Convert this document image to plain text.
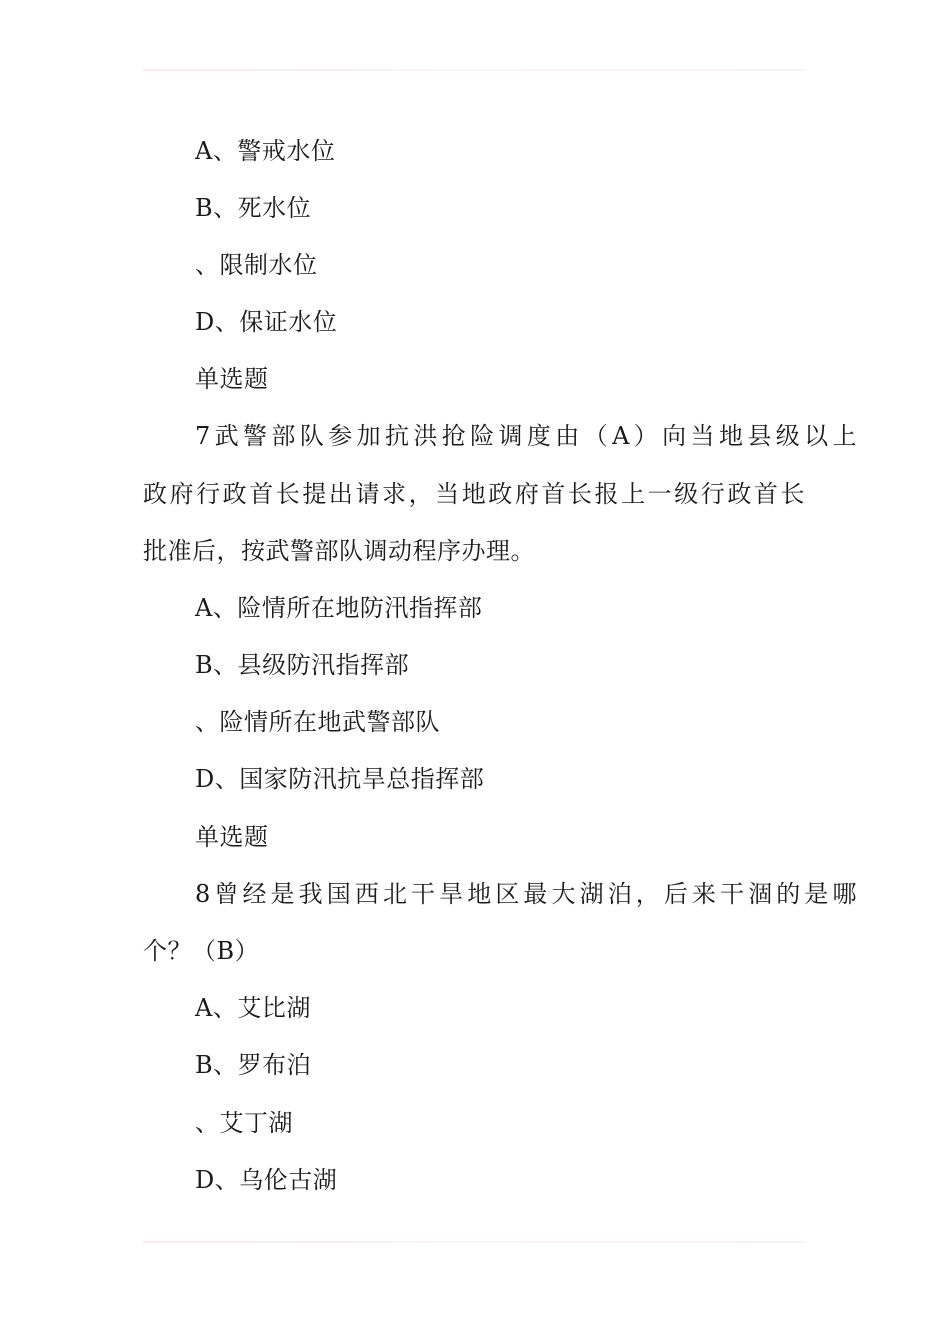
A、警戒水位
B、死水位
、限制水位
D、保证水位
单选题
7武警部队参加抗洪抢险调度由（A）向当地县级以上
政府行政首长提出请求，当地政府首长报上一级行政首长
批准后，按武警部队调动程序办理。
A、险情所在地防汛指挥部
B、县级防汛指挥部
、险情所在地武警部队
D、国家防汛抗旱总指挥部
单选题
8曾经是我国西北干旱地区最大湖泊，后来干涸的是哪
个？（B）
A、艾比湖
B、罗布泊
、艾丁湖
D、乌伦古湖
